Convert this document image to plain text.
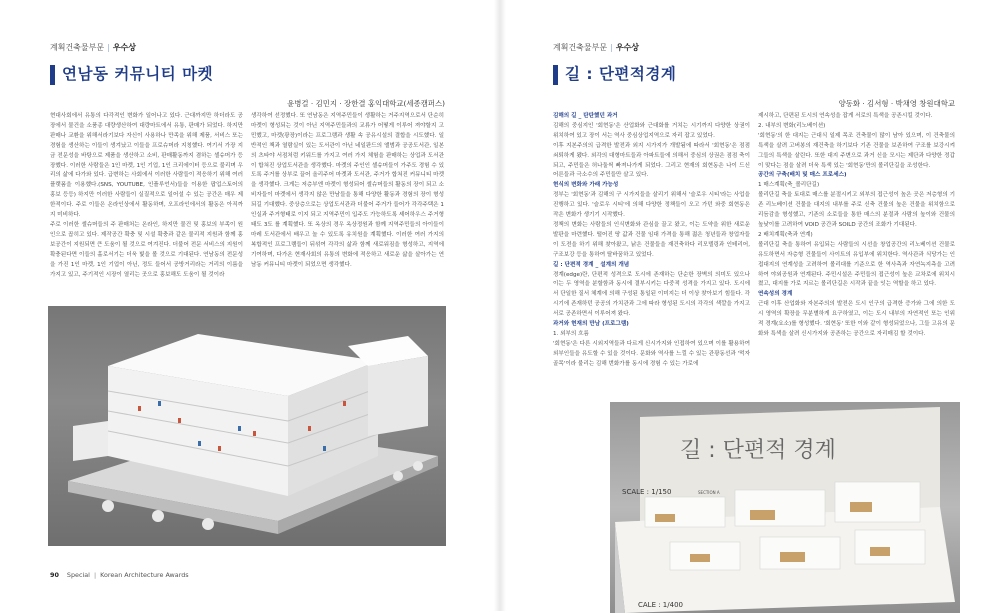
계획건축물부문 | 우수상
연남동 커뮤니티 마켓
윤병걸 · 김민지 · 장한결 홍익대학교(세종캠퍼스)

현대사회에서 유통의 다각적인 변화가 일어나고 있다. 근대까지만 하더라도 공장에서 물건을 소품종 대량생산하여 대량마트에서 유통, 판매가 되었다. 하지만 판매나 교환을 위해서라기보다 자신이 사용하나 만족을 위해 제품, 서비스 또는 경험을 생산하는 이들이 생겨났고 이들을 프로슈머라 지칭했다. 여기서 가장 지금 전문성을 바탕으로 제품을 생산하고 소비, 판매활동까지 겸하는 셀슈머가 등장했다. 이러한 사람들은 1인 마켓, 1인 기업, 1인 크리에이터 등으로 불리며 우리의 삶에 다가와 있다. 급변하는 사회에서 이러한 사람들이 적응하기 위해 여러 플랫폼을 이용했다.(SNS, YOUTUBE, 인플루언서)들을 이용한 팝업스토어의 홍보 등등) 하지만 이러한 사람들이 실질적으로 일어설 수 있는 공간은 매우 제한적이다. 주로 이들은 온라인상에서 활동하며, 오프라인에서의 활동은 아직까지 미비하다.

주로 이러한 셀슈머들의 주 판매처는 온라인, 하지만 물건 및 홍보의 부족이 원인으로 꼽히고 있다. 제작공간 확충 및 시설 확충과 같은 물리적 지원과 함께 홍보공간이 지원되면 큰 도움이 될 것으로 여겨진다. 더불어 전문 서비스의 지원이 확충된다면 이들의 홀로서기는 더욱 빛을 볼 것으로 기대된다. 연남동의 전문성을 가진 1인 마켓, 1인 기업이 아닌, 정도 들어서 공방거리라는 거리의 이름을 가지고 있고, 주기적인 시장이 열리는 곳으로 홍보해도 도움이 될 것이라

생각하여 선정했다. 또 연남동은 지역주민들이 생활하는 거주지역으로서 단순히 마켓이 형성되는 것이 아닌 지역주민들과의 교류가 어떻게 이루어 져야할지 고민했고, 마켓(광장)이라는 프로그램과 생활 속 공유시설의 결합을 시도했다. 일반적인 책과 열람실이 있는 도서관이 아닌 네일판드의 앨범과 공공도서관, 일본의 츠타야 서점처럼 키워드를 가지고 여러 가지 체험을 판매하는 상업과 도서관이 합쳐진 상업도서관을 생각했다. 마켓의 주인인 셀슈머들이 가주도 경험 수 있도록 주거를 상부로 끌어 올리주어 마켓과 도서관, 주거가 합쳐진 커뮤니티 마켓을 생각했다. 크게는 저층부엔 마켓이 형성되어 셀슈머들의 활동의 장이 되고 소비자들이 마켓에서 생각지 않은 만남들을 통해 다양한 활동과 경험의 장이 형성되길 기대했다. 중상층으로는 상업도서관과 더불어 주거가 들어가 각각주택은 1인실과 주거형태로 이지 되고 지역주민이 입주도 가능하도록 셰어하우스 주거형태도 3도 를 계획했다. 또 옥상의 경우 옥상정원과 함께 지역주민들의 아이들이 마레 도서관에서 배우고 놀 수 있도록 유치원을 계획했다. 이러한 여러 가지의 복합적인 프로그램들이 뒤섞여 각각의 삶과 함께 새로워짐을 형성하고, 지역에 기여하며, 다가온 현재사회의 유통의 변화에 적응하고 새로운 삶을 살아가는 연남동 커뮤니티 마켓이 되었으면 생각했다.

90 Special | Korean Architecture Awards
계획건축물부문 | 우수상
길 : 단편적경계
양동화 · 김서형 · 박채영 창원대학교

김해의 길 _ 탄탄했던 과거

김해의 중심지인 '회현동'은 산업화와 근대화를 거치는 시기까지 다양한 상권이 위치하여 있고 장이 서는 역사 중심상업지역으로 자리 잡고 있었다.

이후 지본주의의 급격한 발전과 외지 시가지가 개발됨에 따라서 '회현동'은 점점 쇠퇴하게 됐다. 외각의 대형마트들과 아파트들에 의해서 중심의 상권은 점점 축이 되고, 주민들은 허나둘씩 빠져나가게 되었다. 그리고 현재의 회현동은 나이 드신 어른들과 극소수의 주민들만 살고 있다.

현식의 변화와 가래 가능성

정부는 '회현동'과 김해의 구 시가지들을 살리기 위해서 '슬로우 시티'라는 사업을 진행하고 있다. '슬로우 시티'에 의해 다양한 정책들이 오고 가던 와중 회현동은 작은 변화가 생기기 시작했다.

정책의 변화는 사람들의 인식변화와 관심을 끌고 왔고, 이는 도약을 위한 새로운 발판을 마련했다. 떨어진 땅 값과 건물 임대 가격을 통해 젊은 청년들과 창업자들이 도전을 하기 위해 찾아왔고, 낡은 건물들을 재건축하다 리모델링과 인테리어, 구조보강 등을 통하여 탈바꿈하고 있었다.

길 : 단편적 경계 _ 설계의 개념

경계(edge)란, 단편적 성격으로 도시에 존재하는 단순한 장벽의 의미도 있으나 이는 두 영역을 분할함과 동시에 결부시키는 다중적 성격을 가지고 있다. 도시에서 단일한 질서 체계에 의해 구성된 통일된 이미지는 더 이상 찾아보기 힘들다. 각 시기에 존재하던 공공의 가치관과 그에 따라 형성된 도시의 각각의 색깔을 가지고 서로 공존하면서 이루어져 왔다.

과거와 현재의 만남 (프로그램)

1. 외부의 흐름

'회현동'은 다른 시외지역들과 다르게 신시가지와 인접하여 있으며 이를 활용하여 외부인들을 유도할 수 있을 것이다. 문화와 역사를 느낄 수 있는 관광동선과 '먹자 골목'이라 불리는 김해 번화가를 동시에 경험 수 있는 가로에

제시하고, 단편된 도시의 연속성을 잡게 서로의 특색을 공존시킬 것이다.

2. 내부의 변화(리노베이션)

'회현동'의 한 대지는 근대식 일제 목조 건축물이 많이 남아 있으며, 이 건축물의 특색을 살려 고버봉의 재건축을 하기보다 기존 건물을 보존하여 구조를 보강시켜 그들의 특색을 살린다. 또한 대지 주변으로 과거 신을 모시는 제단과 다양한 정갑이 맞다는 점을 살려 더욱 특색 있는 '회현동'만의 볼리단길을 조성한다.

공간의 구축(배치 및 매스 프로세스)

1 매스계획(축_볼리단길)

볼리단길 축을 토대로 매스를 분절시키고 외부의 접근성이 높은 곳은 저층형의 기존 리노베이션 건물을 대지의 내부를 주로 신축 건물의 높은 건물을 위치함으로 리듬감을 형성했고, 기존의 소로들을 통한 매스의 분절과 사람의 높이와 건물의 높낮이를 고려하여 VOID 공간과 SOILD 공간의 조화가 기대된다.

2 배치계획(축과 연계)

볼리단길 축을 통하여 유입되는 사람들의 시선을 창업공간의 리노베이션 건물로 유도하면서 자층형 건물들이 사이트의 유입부에 위치한다. 역사관과 식당가는 인접대지의 연계성을 고려하여 볼리대를 기준으로 한 역사측과 자연녹지측을 고려하여 야외공원과 연계된다. 주민시설은 주민들의 접근성이 높은 교차로에 위치시켰고, 대지를 가로 지르는 볼리단길은 시작과 끝을 잇는 역할을 하고 있다.

연속성의 경계

근대 이후 산업화와 자본주의의 발전은 도시 인구의 급격한 증가와 그에 의한 도시 영역의 확장을 무분별하게 요구하였고, 이는 도시 내부의 자연적인 또는 인위적 경계(요소)를 형성했다. '회현동' 또한 이와 같이 형성되었으나, 그들 고유의 문화와 특색을 살려 신시가지와 공존하는 공간으로 자리매김 할 것이다.

길 : 단편적 경계
SCALE : 1/150	SECTION A
CALE : 1/400
